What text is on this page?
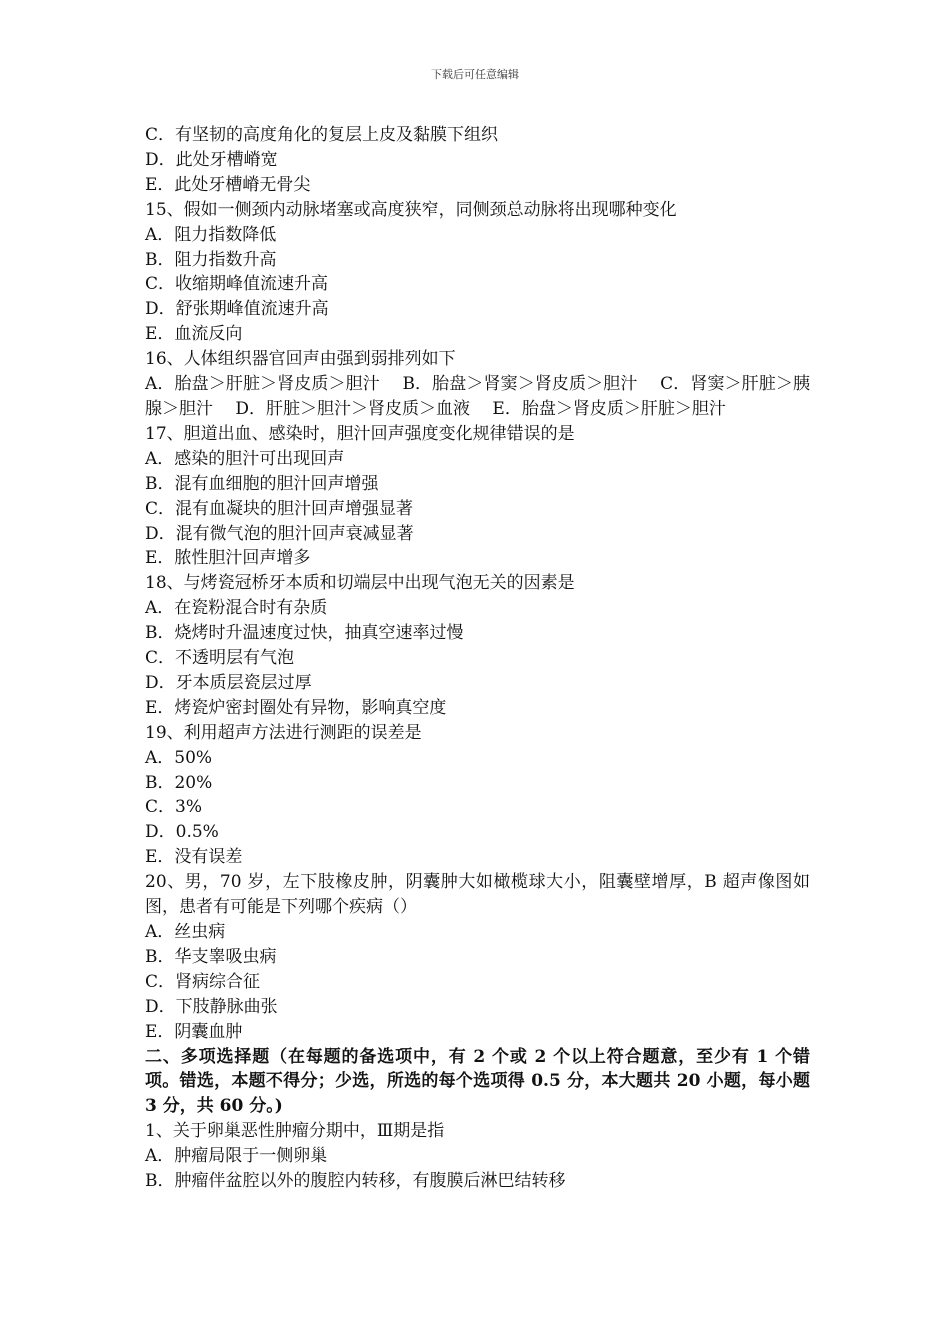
下载后可任意编辑
C．有坚韧的高度角化的复层上皮及黏膜下组织
D．此处牙槽嵴宽
E．此处牙槽嵴无骨尖
15、假如一侧颈内动脉堵塞或高度狭窄，同侧颈总动脉将出现哪种变化
A．阻力指数降低
B．阻力指数升高
C．收缩期峰值流速升高
D．舒张期峰值流速升高
E．血流反向
16、人体组织器官回声由强到弱排列如下
A．胎盘＞肝脏＞肾皮质＞胆汁　 B．胎盘＞肾窦＞肾皮质＞胆汁　 C．肾窦＞肝脏＞胰腺＞胆汁　 D．肝脏＞胆汁＞肾皮质＞血液　 E．胎盘＞肾皮质＞肝脏＞胆汁
17、胆道出血、感染时，胆汁回声强度变化规律错误的是
A．感染的胆汁可出现回声
B．混有血细胞的胆汁回声增强
C．混有血凝块的胆汁回声增强显著
D．混有微气泡的胆汁回声衰减显著
E．脓性胆汁回声增多
18、与烤瓷冠桥牙本质和切端层中出现气泡无关的因素是
A．在瓷粉混合时有杂质
B．烧烤时升温速度过快，抽真空速率过慢
C．不透明层有气泡
D．牙本质层瓷层过厚
E．烤瓷炉密封圈处有异物，影响真空度
19、利用超声方法进行测距的误差是
A．50%
B．20%
C．3%
D．0.5%
E．没有误差
20、男，70 岁，左下肢橡皮肿，阴囊肿大如橄榄球大小，阻囊壁增厚，B 超声像图如图，患者有可能是下列哪个疾病（）
A．丝虫病
B．华支睾吸虫病
C．肾病综合征
D．下肢静脉曲张
E．阴囊血肿
二、多项选择题（在每题的备选项中，有 2 个或 2 个以上符合题意，至少有 1 个错项。错选，本题不得分；少选，所选的每个选项得 0.5 分，本大题共 20 小题，每小题 3 分，共 60 分。)
1、关于卵巢恶性肿瘤分期中，Ⅲ期是指
A．肿瘤局限于一侧卵巢
B．肿瘤伴盆腔以外的腹腔内转移，有腹膜后淋巴结转移
